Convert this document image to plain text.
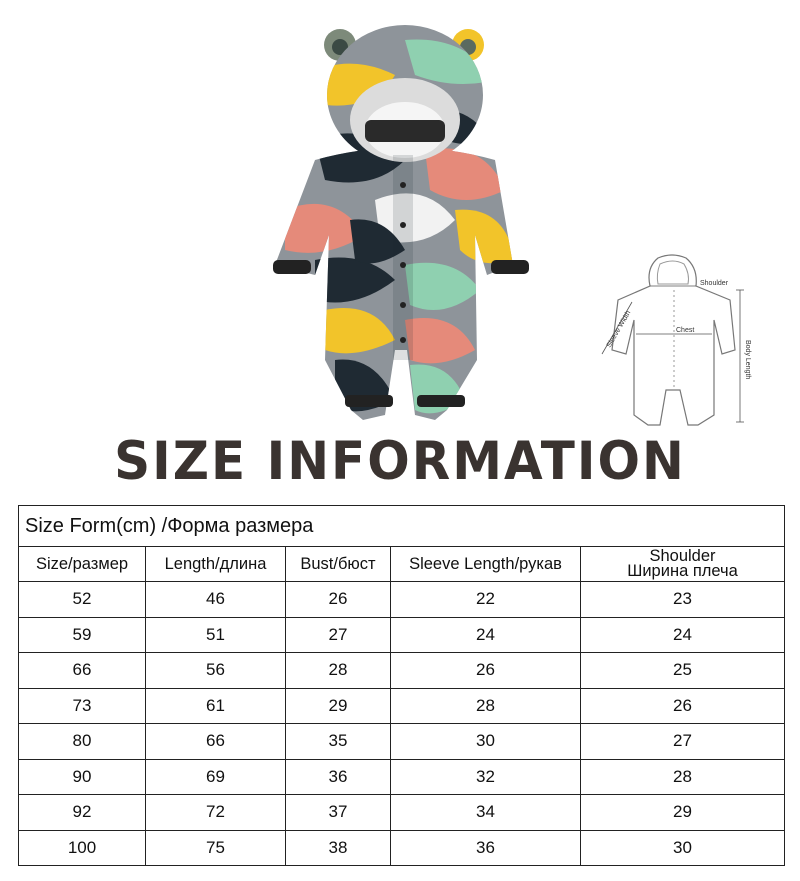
Shoulder
Chest
Sleeve Width
Body Length
SIZE INFORMATION
Size Form(cm) /Форма размера				
Size/размер	Length/длина	Bust/бюст	Sleeve Length/рукав	Shoulder
Ширина плеча

52	46	26	22	23
59	51	27	24	24
66	56	28	26	25
73	61	29	28	26
80	66	35	30	27
90	69	36	32	28
92	72	37	34	29
100	75	38	36	30
